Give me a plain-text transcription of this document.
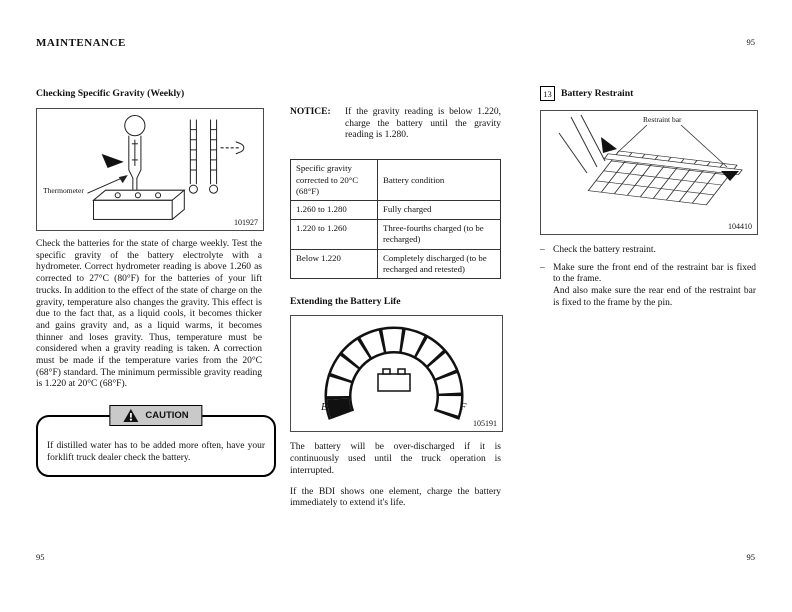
MAINTENANCE	95
95	95
Checking Specific Gravity (Weekly)
Thermometer
101927

Check the batteries for the state of charge weekly. Test the specific gravity of the battery electrolyte with a hydrometer. Correct hydrometer reading is above 1.260 as corrected to 27°C (80°F) for the batteries of your lift trucks. In addition to the effect of the state of charge on the gravity, temperature also changes the gravity. This effect is due to the fact that, as a liquid cools, it becomes thicker and gains gravity and, as a liquid warms, it becomes thinner and loses gravity. Thus, temperature must be considered when a gravity reading is taken. A correction must be made if the temperature varies from the 20°C (68°F) standard. The minimum permissible gravity reading is 1.220 at 20°C (68°F).

CAUTION

If distilled water has to be added more often, have your forklift truck dealer check the battery.

NOTICE:	If the gravity reading is below 1.220, charge the battery until the gravity reading is 1.280.
Specific gravity corrected to 20°C (68°F)	Battery condition
1.260 to 1.280	Fully charged
1.220 to 1.260	Three-fourths charged (to be recharged)
Below 1.220	Completely discharged (to be recharged and retested)
Extending the Battery Life
E	F
105191

The battery will be over-discharged if it is continuously used until the truck operation is interrupted.

If the BDI shows one element, charge the battery immediately to extend it's life.

13 Battery Restraint
Restraint bar
104410
– Check the battery restraint.
– Make sure the front end of the restraint bar is fixed to the frame.

And also make sure the rear end of the restraint bar is fixed to the frame by the pin.
